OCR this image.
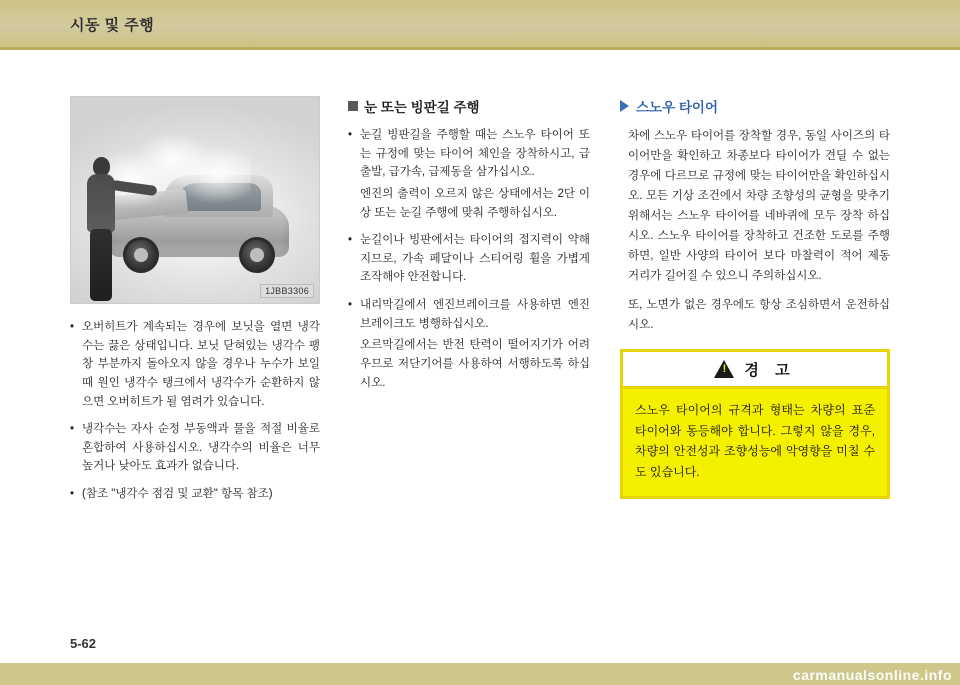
시동 및 주행
1JBB3306
• 오버히트가 계속되는 경우에 보닛을 열면 냉각수는 끓은 상태입니다. 보닛 닫혀있는 냉각수 팽창 부분까지 돌아오지 않을 경우나 누수가 보일 때 원인 냉각수 탱크에서 냉각수가 순환하지 않으면 오버히트가 될 염려가 있습니다.
• 냉각수는 자사 순정 부동액과 물을 적절 비율로 혼합하여 사용하십시오. 냉각수의 비율은 너무 높거나 낮아도 효과가 없습니다.
• (참조 "냉각수 점검 및 교환" 항목 참조)
눈 또는 빙판길 주행
• 눈길 빙판길을 주행할 때는 스노우 타이어 또는 규정에 맞는 타이어 체인을 장착하시고, 급출발, 급가속, 급제동을 삼가십시오.
엔진의 출력이 오르지 않은 상태에서는 2단 이상 또는 눈길 주행에 맞춰 주행하십시오.
• 눈길이나 빙판에서는 타이어의 접지력이 약해지므로, 가속 페달이나 스티어링 휠을 가볍게 조작해야 안전합니다.
• 내리막길에서 엔진브레이크를 사용하면 엔진 브레이크도 병행하십시오.
오르막길에서는 반전 탄력이 떨어지기가 어려우므로 저단기어를 사용하여 서행하도록 하십시오.
스노우 타이어

차에 스노우 타이어를 장착할 경우, 동일 사이즈의 타이어만을 확인하고 차종보다 타이어가 견딜 수 없는 경우에 다르므로 규정에 맞는 타이어만을 확인하십시오. 모든 기상 조건에서 차량 조향성의 균형을 맞추기 위해서는 스노우 타이어를 네바퀴에 모두 장착 하십시오. 스노우 타이어를 장착하고 건조한 도로를 주행하면, 일반 사양의 타이어 보다 마찰력이 적어 제동 거리가 길어질 수 있으니 주의하십시오.

또, 노면가 없은 경우에도 항상 조심하면서 운전하십시오.

! 경 고
스노우 타이어의 규격과 형태는 차량의 표준 타이어와 동등해야 합니다. 그렇지 않을 경우, 차량의 안전성과 조향성능에 악영향을 미칠 수도 있습니다.
5-62
carmanualsonline.info
